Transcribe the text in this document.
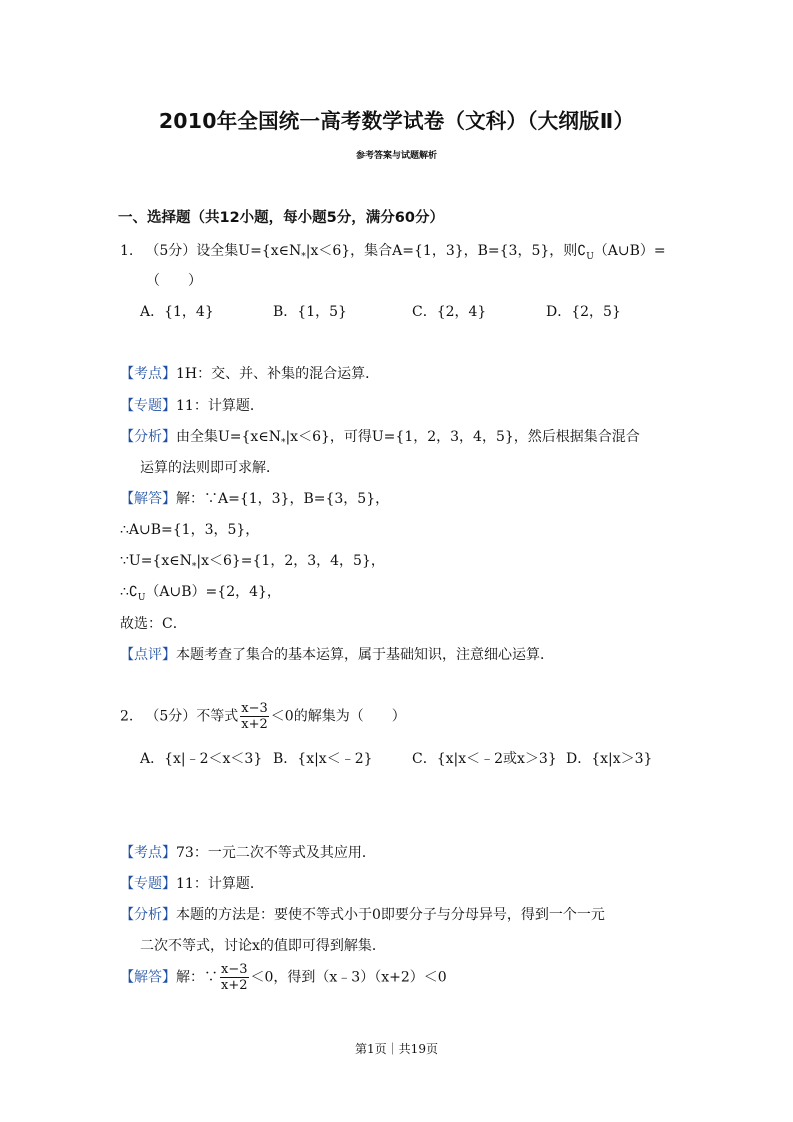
2010年全国统一高考数学试卷（文科）（大纲版Ⅱ）
参考答案与试题解析
一、选择题（共12小题，每小题5分，满分60分）
1. （5分）设全集$U=\{x\in N_*|x<6\}$，集合A={1，3}，B={3，5}，则$∁_U(A\cup B)=$
（　　）
A．{1，4}	B．{1，5}	C．{2，4}	D．{2，5}
【考点】1H：交、并、补集的混合运算．
【专题】11：计算题．
【分析】由全集$U=\{x\in N_*|x<6\}$，可得U={1，2，3，4，5}，然后根据集合混合
运算的法则即可求解．
【解答】解：∵A={1，3}，B={3，5}，
∴A∪B={1，3，5}，
$\because U=\{x\in N_*|x<6\}=\{1$，2，3，4，5}，
$\therefore∁_U(A\cup B)=\{2$，4}，
故选：C．
【点评】本题考查了集合的基本运算，属于基础知识，注意细心运算．
2. （5分）不等式 $\frac{x-3}{x+2} <0$的解集为（　　）
A．{x|﹣2＜x＜3} B．{x|x＜﹣2}	C．{x|x＜﹣2或x＞3} D．{x|x＞3}
【考点】73：一元二次不等式及其应用．
【专题】11：计算题．
【分析】本题的方法是：要使不等式小于0即要分子与分母异号，得到一个一元
二次不等式，讨论x的值即可得到解集．
【解答】解：∵ $\frac{x-3}{x+2} <0$，得到（x﹣3）（x+2）＜0
第1页｜共19页
